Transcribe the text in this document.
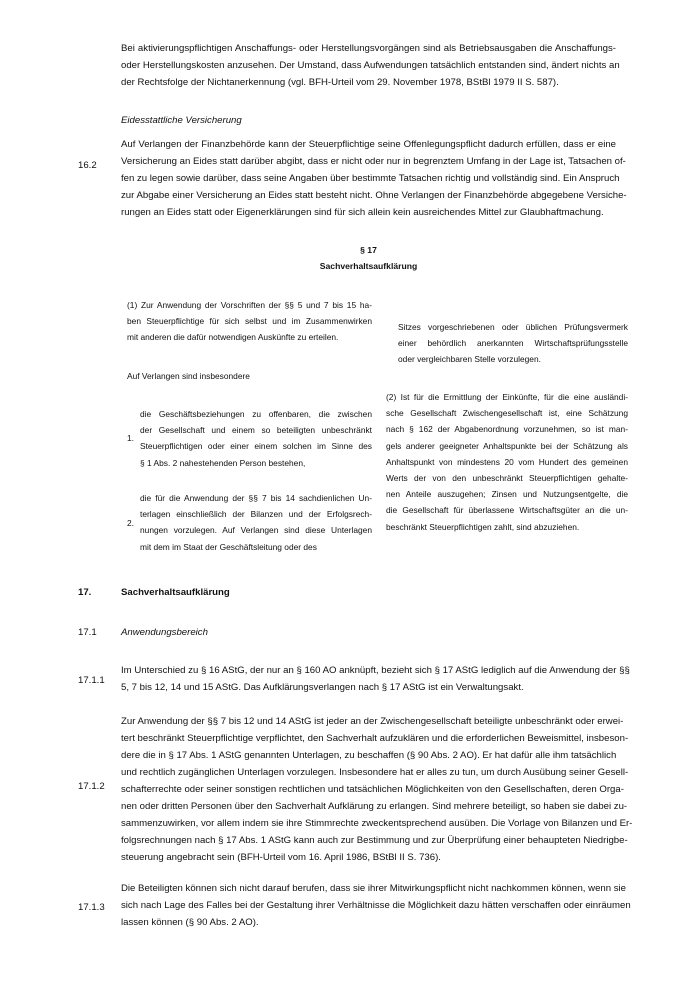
Bei aktivierungspflichtigen Anschaffungs- oder Herstellungsvorgängen sind als Betriebsausgaben die Anschaffungs-
oder Herstellungskosten anzusehen. Der Umstand, dass Aufwendungen tatsächlich entstanden sind, ändert nichts an
der Rechtsfolge der Nichtanerkennung (vgl. BFH-Urteil vom 29. November 1978, BStBl 1979 II S. 587).
Eidesstattliche Versicherung
16.2
Auf Verlangen der Finanzbehörde kann der Steuerpflichtige seine Offenlegungspflicht dadurch erfüllen, dass er eine
Versicherung an Eides statt darüber abgibt, dass er nicht oder nur in begrenztem Umfang in der Lage ist, Tatsachen of-
fen zu legen sowie darüber, dass seine Angaben über bestimmte Tatsachen richtig und vollständig sind. Ein Anspruch
zur Abgabe einer Versicherung an Eides statt besteht nicht. Ohne Verlangen der Finanzbehörde abgegebene Versiche-
rungen an Eides statt oder Eigenerklärungen sind für sich allein kein ausreichendes Mittel zur Glaubhaftmachung.
§ 17
Sachverhaltsaufklärung
(1) Zur Anwendung der Vorschriften der §§ 5 und 7 bis 15 ha-
ben Steuerpflichtige für sich selbst und im Zusammenwirken
mit anderen die dafür notwendigen Auskünfte zu erteilen.
Auf Verlangen sind insbesondere
1.
die Geschäftsbeziehungen zu offenbaren, die zwischen
der Gesellschaft und einem so beteiligten unbeschränkt
Steuerpflichtigen oder einer einem solchen im Sinne des
§ 1 Abs. 2 nahestehenden Person bestehen,
2.
die für die Anwendung der §§ 7 bis 14 sachdienlichen Un-
terlagen einschließlich der Bilanzen und der Erfolgsrech-
nungen vorzulegen. Auf Verlangen sind diese Unterlagen
mit dem im Staat der Geschäftsleitung oder des
Sitzes vorgeschriebenen oder üblichen Prüfungsvermerk
einer behördlich anerkannten Wirtschaftsprüfungsstelle
oder vergleichbaren Stelle vorzulegen.
(2) Ist für die Ermittlung der Einkünfte, für die eine ausländi-
sche Gesellschaft Zwischengesellschaft ist, eine Schätzung
nach § 162 der Abgabenordnung vorzunehmen, so ist man-
gels anderer geeigneter Anhaltspunkte bei der Schätzung als
Anhaltspunkt von mindestens 20 vom Hundert des gemeinen
Werts der von den unbeschränkt Steuerpflichtigen gehalte-
nen Anteile auszugehen; Zinsen und Nutzungsentgelte, die
die Gesellschaft für überlassene Wirtschaftsgüter an die un-
beschränkt Steuerpflichtigen zahlt, sind abzuziehen.
17.	Sachverhaltsaufklärung
17.1	Anwendungsbereich
17.1.1
Im Unterschied zu § 16 AStG, der nur an § 160 AO anknüpft, bezieht sich § 17 AStG lediglich auf die Anwendung der §§
5, 7 bis 12, 14 und 15 AStG. Das Aufklärungsverlangen nach § 17 AStG ist ein Verwaltungsakt.
17.1.2
Zur Anwendung der §§ 7 bis 12 und 14 AStG ist jeder an der Zwischengesellschaft beteiligte unbeschränkt oder erwei-
tert beschränkt Steuerpflichtige verpflichtet, den Sachverhalt aufzuklären und die erforderlichen Beweismittel, insbeson-
dere die in § 17 Abs. 1 AStG genannten Unterlagen, zu beschaffen (§ 90 Abs. 2 AO). Er hat dafür alle ihm tatsächlich
und rechtlich zugänglichen Unterlagen vorzulegen. Insbesondere hat er alles zu tun, um durch Ausübung seiner Gesell-
schafterrechte oder seiner sonstigen rechtlichen und tatsächlichen Möglichkeiten von den Gesellschaften, deren Orga-
nen oder dritten Personen über den Sachverhalt Aufklärung zu erlangen. Sind mehrere beteiligt, so haben sie dabei zu-
sammenzuwirken, vor allem indem sie ihre Stimmrechte zweckentsprechend ausüben. Die Vorlage von Bilanzen und Er-
folgsrechnungen nach § 17 Abs. 1 AStG kann auch zur Bestimmung und zur Überprüfung einer behaupteten Niedrigbe-
steuerung angebracht sein (BFH-Urteil vom 16. April 1986, BStBl II S. 736).
17.1.3
Die Beteiligten können sich nicht darauf berufen, dass sie ihrer Mitwirkungspflicht nicht nachkommen können, wenn sie
sich nach Lage des Falles bei der Gestaltung ihrer Verhältnisse die Möglichkeit dazu hätten verschaffen oder einräumen
lassen können (§ 90 Abs. 2 AO).
